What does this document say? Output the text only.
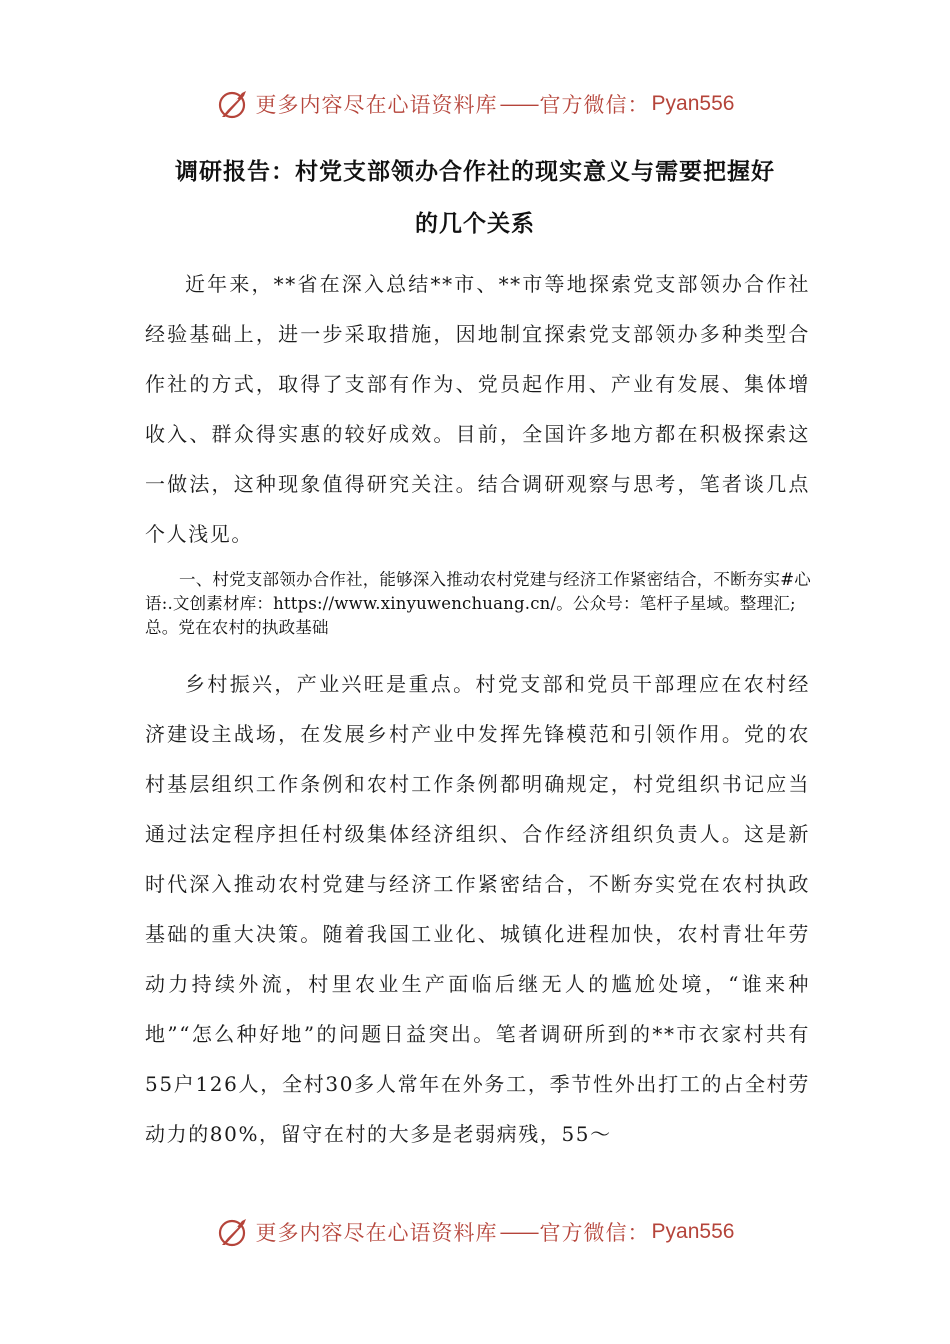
更多内容尽在心语资料库 —— 官方微信： Pyan556
调研报告：村党支部领办合作社的现实意义与需要把握好
的几个关系

近年来，**省在深入总结**市、**市等地探索党支部领办合作社经验基础上，进一步采取措施，因地制宜探索党支部领办多种类型合作社的方式，取得了支部有作为、党员起作用、产业有发展、集体增收入、群众得实惠的较好成效。目前，全国许多地方都在积极探索这一做法，这种现象值得研究关注。结合调研观察与思考，笔者谈几点个人浅见。

一、村党支部领办合作社，能够深入推动农村党建与经济工作紧密结合，不断夯实#心语:.文创素材库：https://www.xinyuwenchuang.cn/。公众号：笔杆子星域。整理汇;总。党在农村的执政基础

乡村振兴，产业兴旺是重点。村党支部和党员干部理应在农村经济建设主战场，在发展乡村产业中发挥先锋模范和引领作用。党的农村基层组织工作条例和农村工作条例都明确规定，村党组织书记应当通过法定程序担任村级集体经济组织、合作经济组织负责人。这是新时代深入推动农村党建与经济工作紧密结合，不断夯实党在农村执政基础的重大决策。随着我国工业化、城镇化进程加快，农村青壮年劳动力持续外流，村里农业生产面临后继无人的尴尬处境，“谁来种地”“怎么种好地”的问题日益突出。笔者调研所到的**市衣家村共有55户126人，全村30多人常年在外务工，季节性外出打工的占全村劳动力的80%，留守在村的大多是老弱病残，55～

更多内容尽在心语资料库 —— 官方微信： Pyan556
